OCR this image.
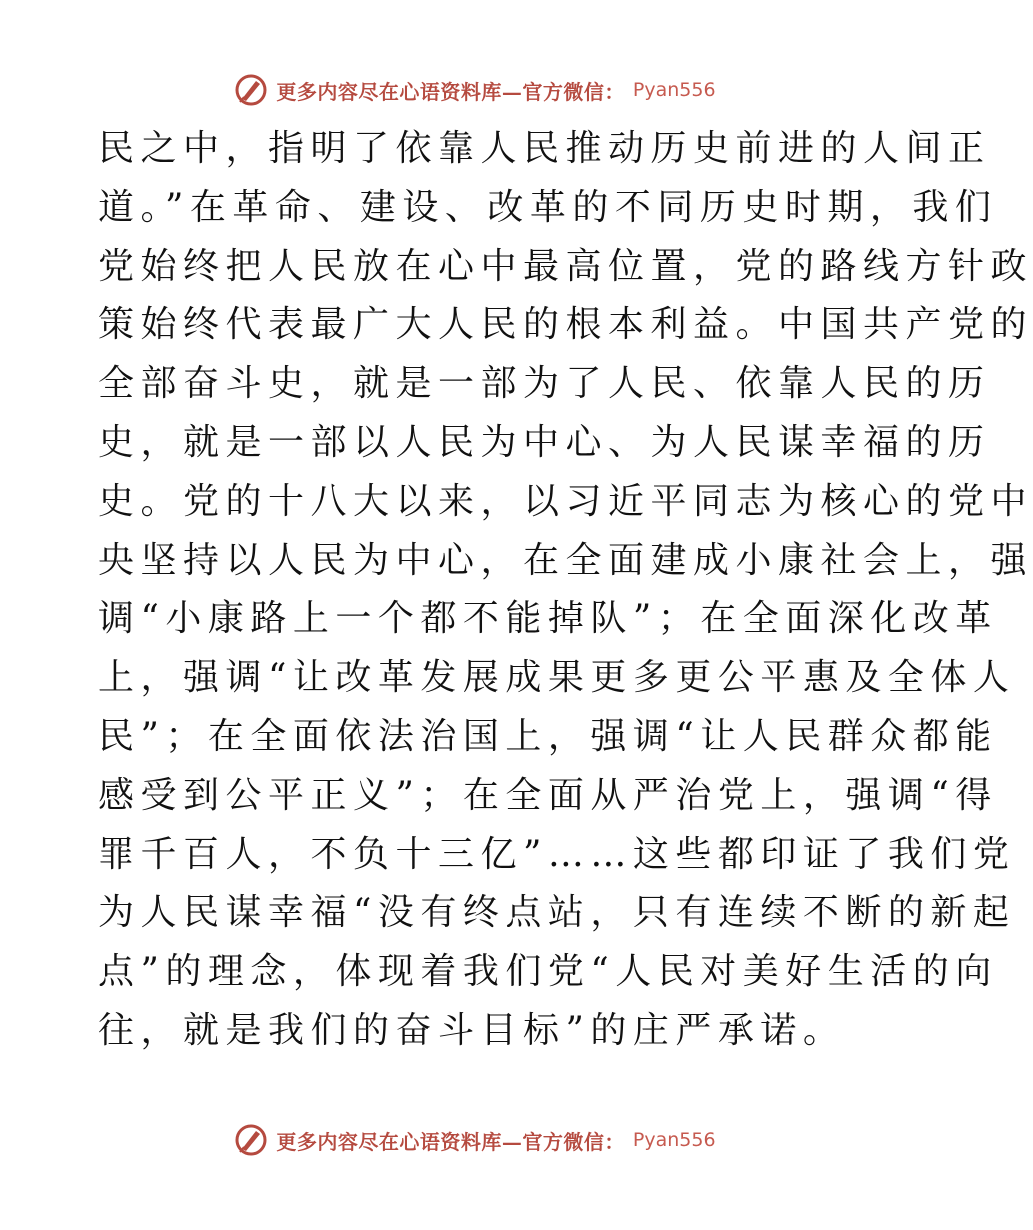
更多内容尽在心语资料库—官方微信： Pyan556
民之中，指明了依靠人民推动历史前进的人间正
道。”在革命、建设、改革的不同历史时期，我们
党始终把人民放在心中最高位置，党的路线方针政
策始终代表最广大人民的根本利益。中国共产党的
全部奋斗史，就是一部为了人民、依靠人民的历
史，就是一部以人民为中心、为人民谋幸福的历
史。党的十八大以来，以习近平同志为核心的党中
央坚持以人民为中心，在全面建成小康社会上，强
调“小康路上一个都不能掉队”；在全面深化改革
上，强调“让改革发展成果更多更公平惠及全体人
民”；在全面依法治国上，强调“让人民群众都能
感受到公平正义”；在全面从严治党上，强调“得
罪千百人，不负十三亿”……这些都印证了我们党
为人民谋幸福“没有终点站，只有连续不断的新起
点”的理念，体现着我们党“人民对美好生活的向
往，就是我们的奋斗目标”的庄严承诺。
更多内容尽在心语资料库—官方微信： Pyan556
